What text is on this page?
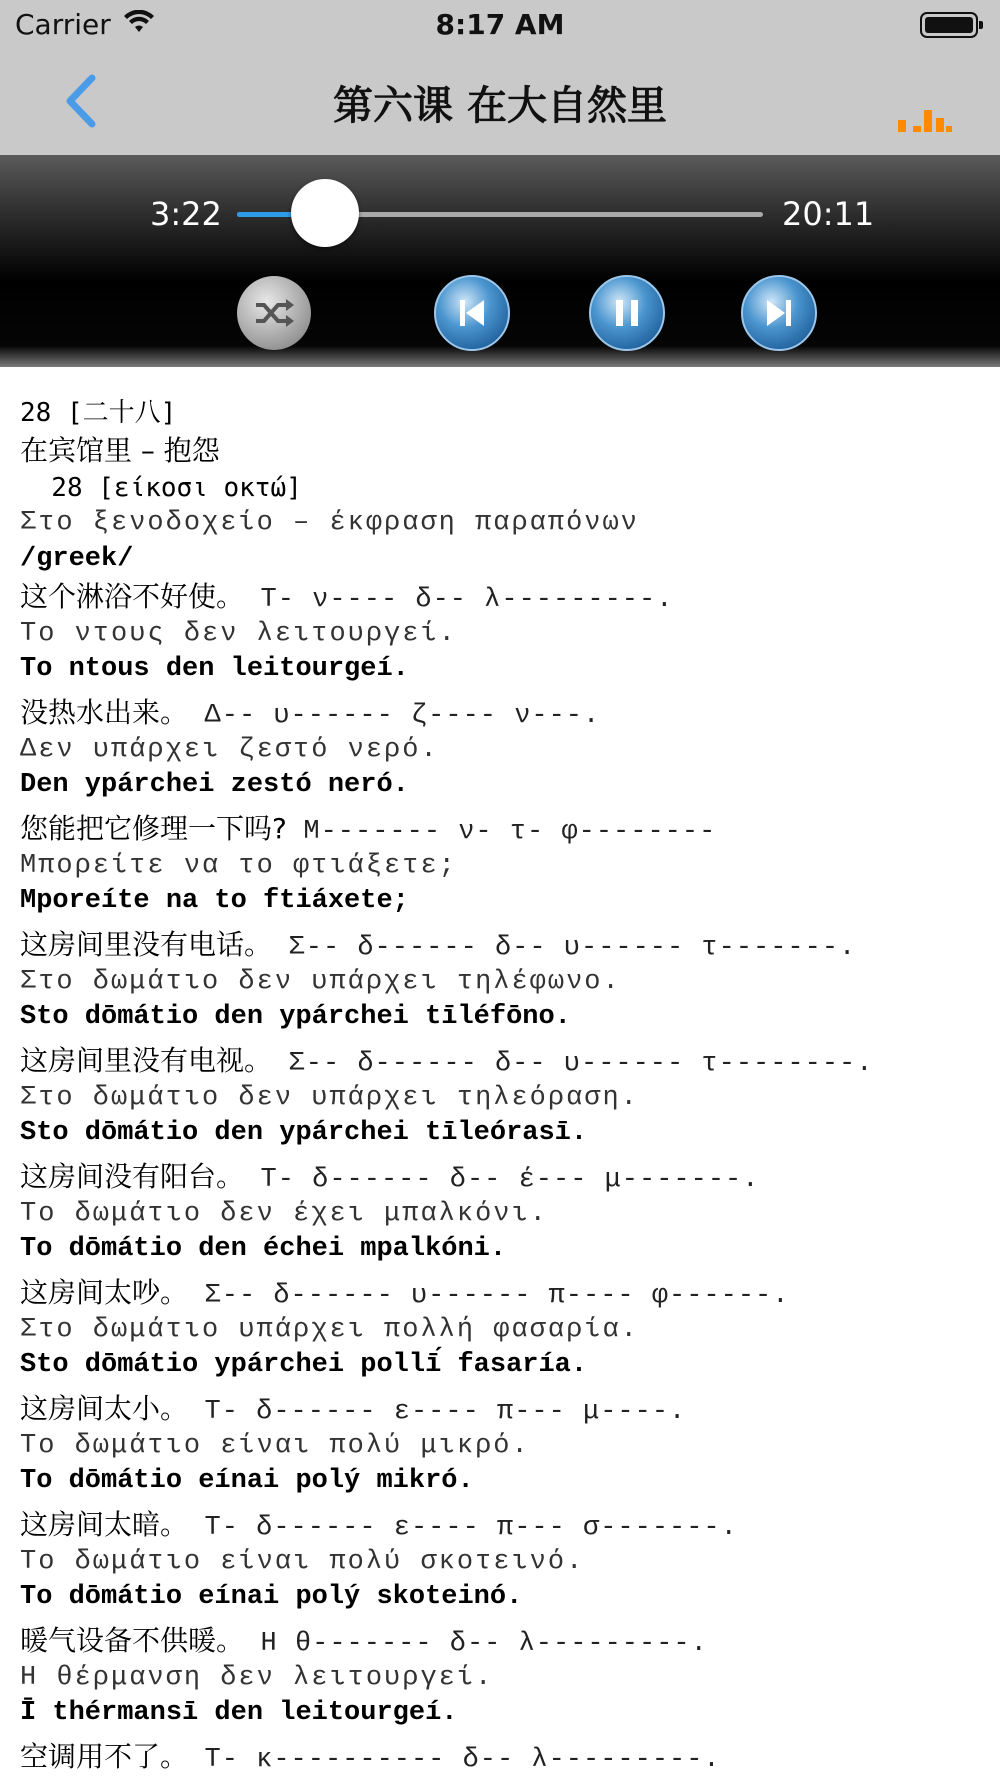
Carrier	8:17 AM
第六课 在大自然里
3:22	20:11
28 [二十八]
在宾馆里 – 抱怨
28 [είκοσι οκτώ]
Στο ξενοδοχείο – έκφραση παραπόνων
/greek/
这个淋浴不好使。 Τ- ν---- δ-- λ---------.
Το ντους δεν λειτουργεί.
To ntous den leitourgeí.
没热水出来。 Δ-- υ------ ζ---- ν---.
Δεν υπάρχει ζεστό νερό.
Den ypárchei zestó neró.
您能把它修理一下吗? Μ------- ν- τ- φ--------
Μπορείτε να το φτιάξετε;
Mporeíte na to ftiáxete;
这房间里没有电话。 Σ-- δ------ δ-- υ------ τ-------.
Στο δωμάτιο δεν υπάρχει τηλέφωνο.
Sto dōmátio den ypárchei tīléfōno.
这房间里没有电视。 Σ-- δ------ δ-- υ------ τ--------.
Στο δωμάτιο δεν υπάρχει τηλεόραση.
Sto dōmátio den ypárchei tīleórasī.
这房间没有阳台。 Τ- δ------ δ-- έ--- μ-------.
Το δωμάτιο δεν έχει μπαλκόνι.
To dōmátio den échei mpalkóni.
这房间太吵。 Σ-- δ------ υ------ π---- φ------.
Στο δωμάτιο υπάρχει πολλή φασαρία.
Sto dōmátio ypárchei pollī́ fasaría.
这房间太小。 Τ- δ------ ε---- π--- μ----.
Το δωμάτιο είναι πολύ μικρό.
To dōmátio eínai polý mikró.
这房间太暗。 Τ- δ------ ε---- π--- σ-------.
Το δωμάτιο είναι πολύ σκοτεινό.
To dōmátio eínai polý skoteinó.
暖气设备不供暖。 Η θ------- δ-- λ---------.
Η θέρμανση δεν λειτουργεί.
Ī thérmansī den leitourgeí.
空调用不了。 Τ- κ---------- δ-- λ---------.
